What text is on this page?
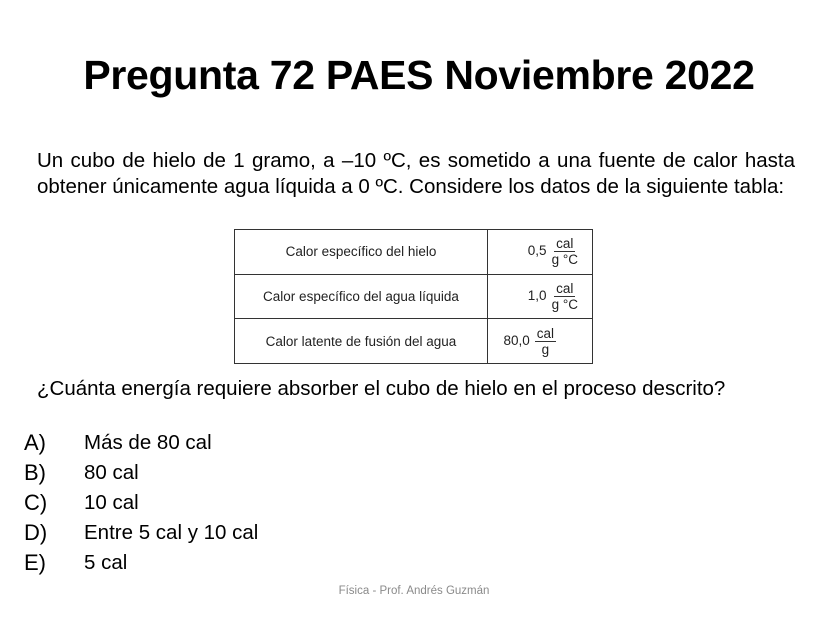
Pregunta 72 PAES Noviembre 2022
Un cubo de hielo de 1 gramo, a –10 ºC, es sometido a una fuente de calor hasta obtener únicamente agua líquida a 0 ºC. Considere los datos de la siguiente tabla:
Calor específico del hielo	$0,5 \frac{\text{cal}}{g ^\circ C}$

Calor específico del agua líquida	$1,0 \frac{\text{cal}}{g ^\circ C}$

Calor latente de fusión del agua	$80,0 \frac{\text{cal}}{g}$
¿Cuánta energía requiere absorber el cubo de hielo en el proceso descrito?
A) Más de 80 cal
B) 80 cal
C) 10 cal
D) Entre 5 cal y 10 cal
E) 5 cal
Física - Prof. Andrés Guzmán
